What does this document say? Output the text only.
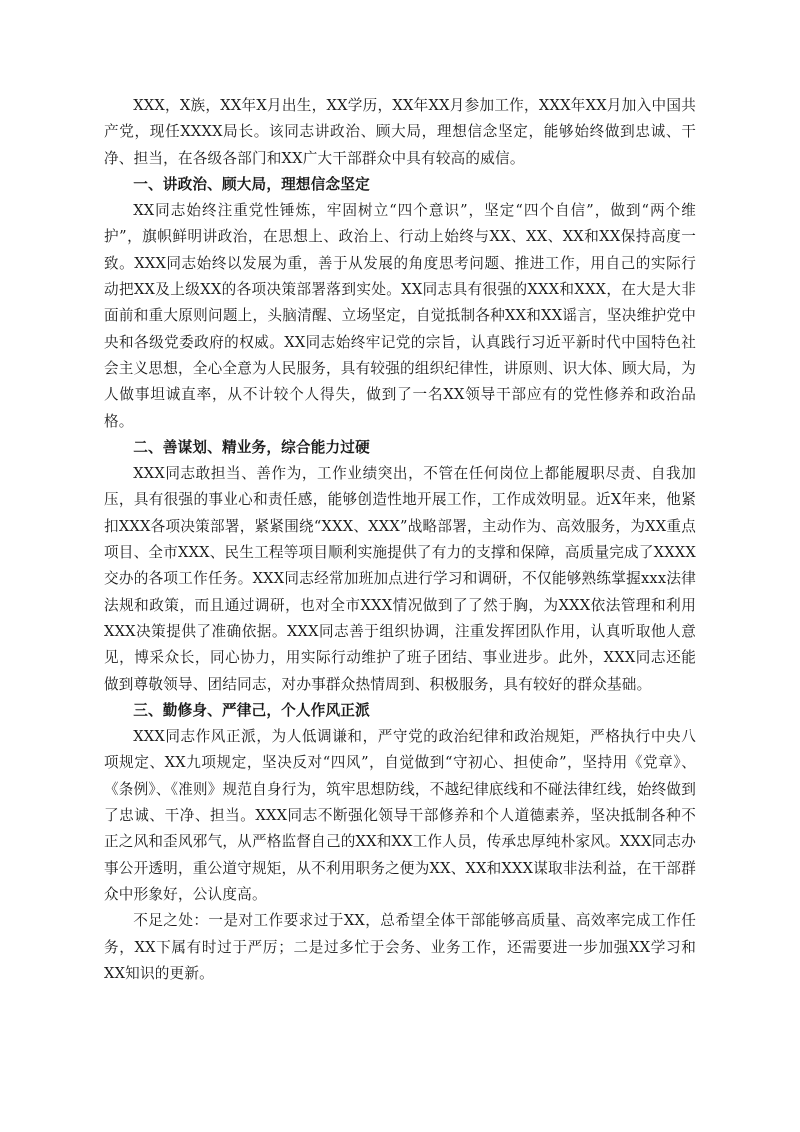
XXX，X族，XX年X月出生，XX学历，XX年XX月参加工作，XXX年XX月加入中国共产党，现任XXXX局长。该同志讲政治、顾大局，理想信念坚定，能够始终做到忠诚、干净、担当，在各级各部门和XX广大干部群众中具有较高的威信。

一、讲政治、顾大局，理想信念坚定

XX同志始终注重党性锤炼，牢固树立“四个意识”，坚定“四个自信”，做到“两个维护”，旗帜鲜明讲政治，在思想上、政治上、行动上始终与XX、XX、XX和XX保持高度一致。XXX同志始终以发展为重，善于从发展的角度思考问题、推进工作，用自己的实际行动把XX及上级XX的各项决策部署落到实处。XX同志具有很强的XXX和XXX，在大是大非面前和重大原则问题上，头脑清醒、立场坚定，自觉抵制各种XX和XX谣言，坚决维护党中央和各级党委政府的权威。XX同志始终牢记党的宗旨，认真践行习近平新时代中国特色社会主义思想，全心全意为人民服务，具有较强的组织纪律性，讲原则、识大体、顾大局，为人做事坦诚直率，从不计较个人得失，做到了一名XX领导干部应有的党性修养和政治品格。

二、善谋划、精业务，综合能力过硬

XXX同志敢担当、善作为，工作业绩突出，不管在任何岗位上都能履职尽责、自我加压，具有很强的事业心和责任感，能够创造性地开展工作，工作成效明显。近X年来，他紧扣XXX各项决策部署，紧紧围绕“XXX、XXX”战略部署，主动作为、高效服务，为XX重点项目、全市XXX、民生工程等项目顺利实施提供了有力的支撑和保障，高质量完成了XXXX交办的各项工作任务。XXX同志经常加班加点进行学习和调研，不仅能够熟练掌握xxx法律法规和政策，而且通过调研，也对全市XXX情况做到了了然于胸，为XXX依法管理和利用XXX决策提供了准确依据。XXX同志善于组织协调，注重发挥团队作用，认真听取他人意见，博采众长，同心协力，用实际行动维护了班子团结、事业进步。此外，XXX同志还能做到尊敬领导、团结同志，对办事群众热情周到、积极服务，具有较好的群众基础。

三、勤修身、严律己，个人作风正派

XXX同志作风正派，为人低调谦和，严守党的政治纪律和政治规矩，严格执行中央八项规定、XX九项规定，坚决反对“四风”，自觉做到“守初心、担使命”，坚持用《党章》、《条例》、《准则》规范自身行为，筑牢思想防线，不越纪律底线和不碰法律红线，始终做到了忠诚、干净、担当。XXX同志不断强化领导干部修养和个人道德素养，坚决抵制各种不正之风和歪风邪气，从严格监督自己的XX和XX工作人员，传承忠厚纯朴家风。XXX同志办事公开透明，重公道守规矩，从不利用职务之便为XX、XX和XXX谋取非法利益，在干部群众中形象好，公认度高。

不足之处：一是对工作要求过于XX，总希望全体干部能够高质量、高效率完成工作任务，XX下属有时过于严厉；二是过多忙于会务、业务工作，还需要进一步加强XX学习和XX知识的更新。
